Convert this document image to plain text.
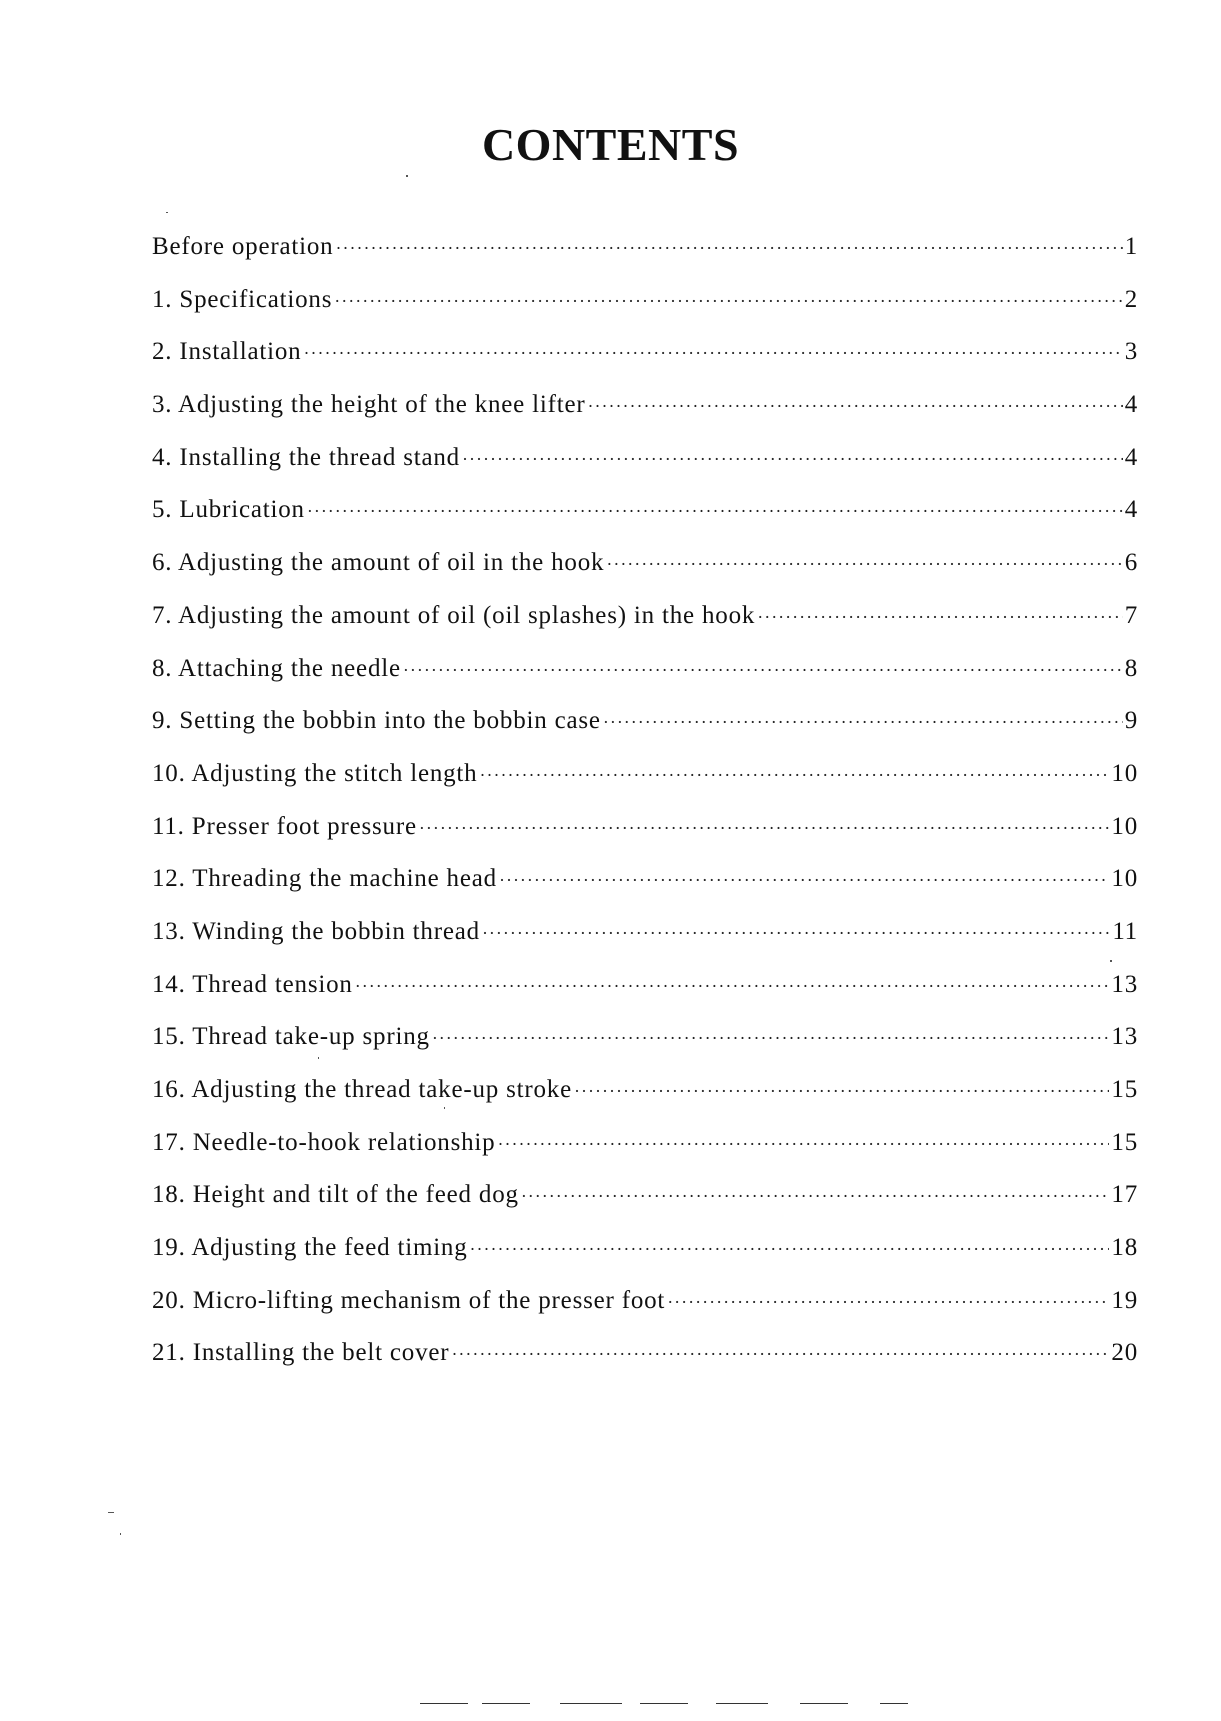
CONTENTS
Before operation ·····	1
1. Specifications ·····	2
2. Installation ·····	3
3. Adjusting the height of the knee lifter ·····	4
4. Installing the thread stand ·····	4
5. Lubrication ·····	4
6. Adjusting the amount of oil in the hook ·····	6
7. Adjusting the amount of oil (oil splashes) in the hook ·····	7
8. Attaching the needle ·····	8
9. Setting the bobbin into the bobbin case ·····	9
10. Adjusting the stitch length ·····	10
11. Presser foot pressure ·····	10
12. Threading the machine head ·····	10
13. Winding the bobbin thread ·····	11
14. Thread tension ·····	13
15. Thread take-up spring ·····	13
16. Adjusting the thread take-up stroke ·····	15
17. Needle-to-hook relationship ·····	15
18. Height and tilt of the feed dog ·····	17
19. Adjusting the feed timing ·····	18
20. Micro-lifting mechanism of the presser foot ·····	19
21. Installing the belt cover ·····	20
